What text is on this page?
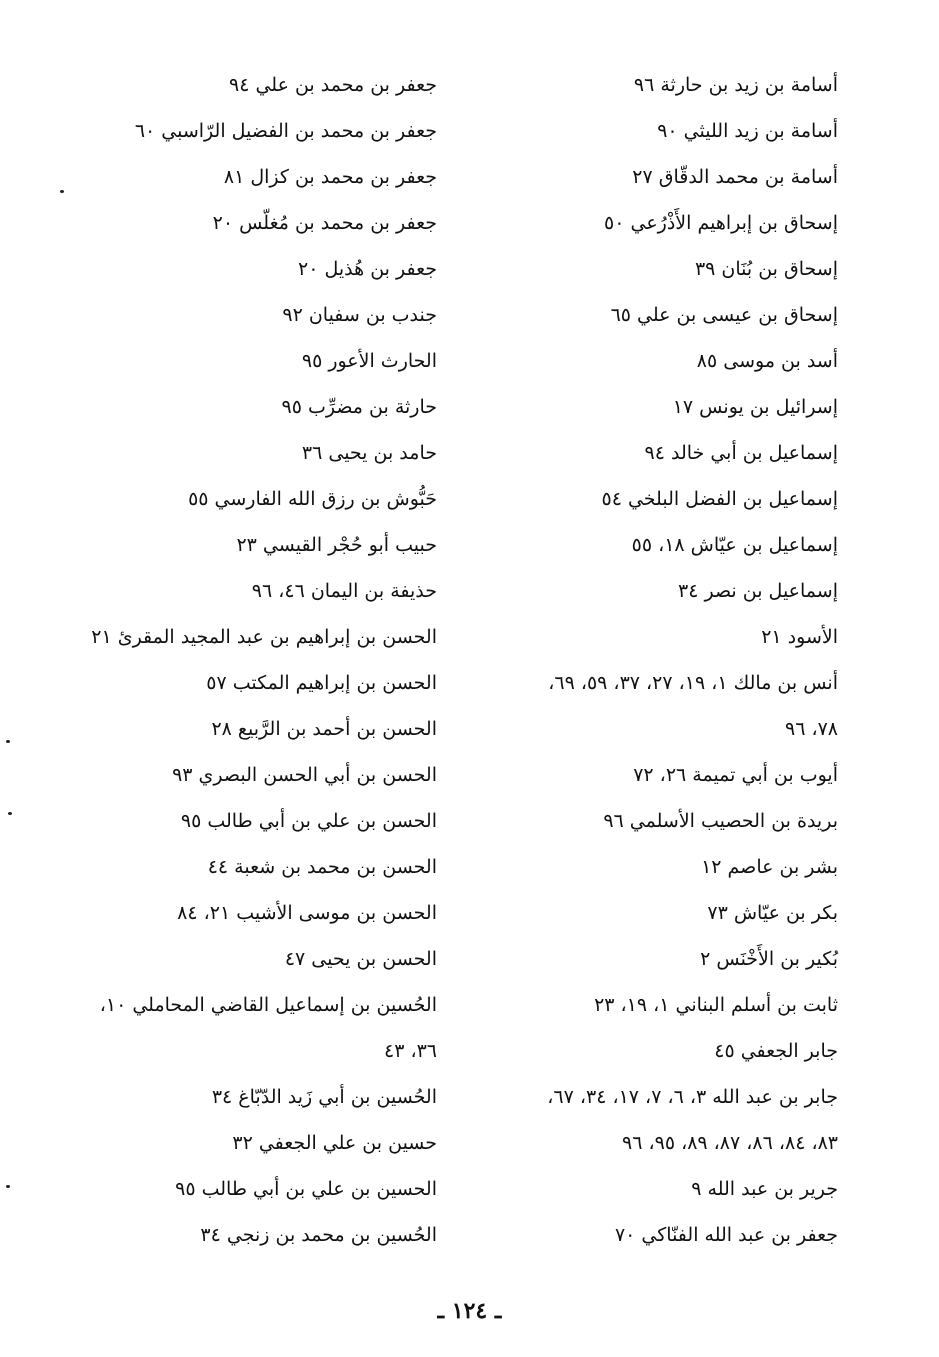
أسامة بن زيد بن حارثة ٩٦
أسامة بن زيد الليثي ٩٠
أسامة بن محمد الدقّاق ٢٧
إسحاق بن إبراهيم الأَذْرُعي ٥٠
إسحاق بن بُنَان ٣٩
إسحاق بن عيسى بن علي ٦٥
أسد بن موسى ٨٥
إسرائيل بن يونس ١٧
إسماعيل بن أبي خالد ٩٤
إسماعيل بن الفضل البلخي ٥٤
إسماعيل بن عيّاش ١٨، ٥٥
إسماعيل بن نصر ٣٤
الأسود ٢١
أنس بن مالك ١، ١٩، ٢٧، ٣٧، ٥٩، ٦٩،
٧٨، ٩٦
أيوب بن أبي تميمة ٢٦، ٧٢
بريدة بن الحصيب الأسلمي ٩٦
بشر بن عاصم ١٢
بكر بن عيّاش ٧٣
بُكير بن الأَخْنَس ٢
ثابت بن أسلم البناني ١، ١٩، ٢٣
جابر الجعفي ٤٥
جابر بن عبد الله ٣، ٦، ٧، ١٧، ٣٤، ٦٧،
٨٣، ٨٤، ٨٦، ٨٧، ٨٩، ٩٥، ٩٦
جرير بن عبد الله ٩
جعفر بن عبد الله الفنّاكي ٧٠
جعفر بن محمد بن علي ٩٤
جعفر بن محمد بن الفضيل الرّاسبي ٦٠
جعفر بن محمد بن كزال ٨١
جعفر بن محمد بن مُغلّس ٢٠
جعفر بن هُذيل ٢٠
جندب بن سفيان ٩٢
الحارث الأعور ٩٥
حارثة بن مضرِّب ٩٥
حامد بن يحيى ٣٦
حَبُّوش بن رزق الله الفارسي ٥٥
حبيب أبو حُجْر القيسي ٢٣
حذيفة بن اليمان ٤٦، ٩٦
الحسن بن إبراهيم بن عبد المجيد المقرئ ٢١
الحسن بن إبراهيم المكتب ٥٧
الحسن بن أحمد بن الرَّبيع ٢٨
الحسن بن أبي الحسن البصري ٩٣
الحسن بن علي بن أبي طالب ٩٥
الحسن بن محمد بن شعبة ٤٤
الحسن بن موسى الأشيب ٢١، ٨٤
الحسن بن يحيى ٤٧
الحُسين بن إسماعيل القاضي المحاملي ١٠،
٣٦، ٤٣
الحُسين بن أبي زَيد الدّبّاغ ٣٤
حسين بن علي الجعفي ٣٢
الحسين بن علي بن أبي طالب ٩٥
الحُسين بن محمد بن زنجي ٣٤
ـ ١٢٤ ـ
